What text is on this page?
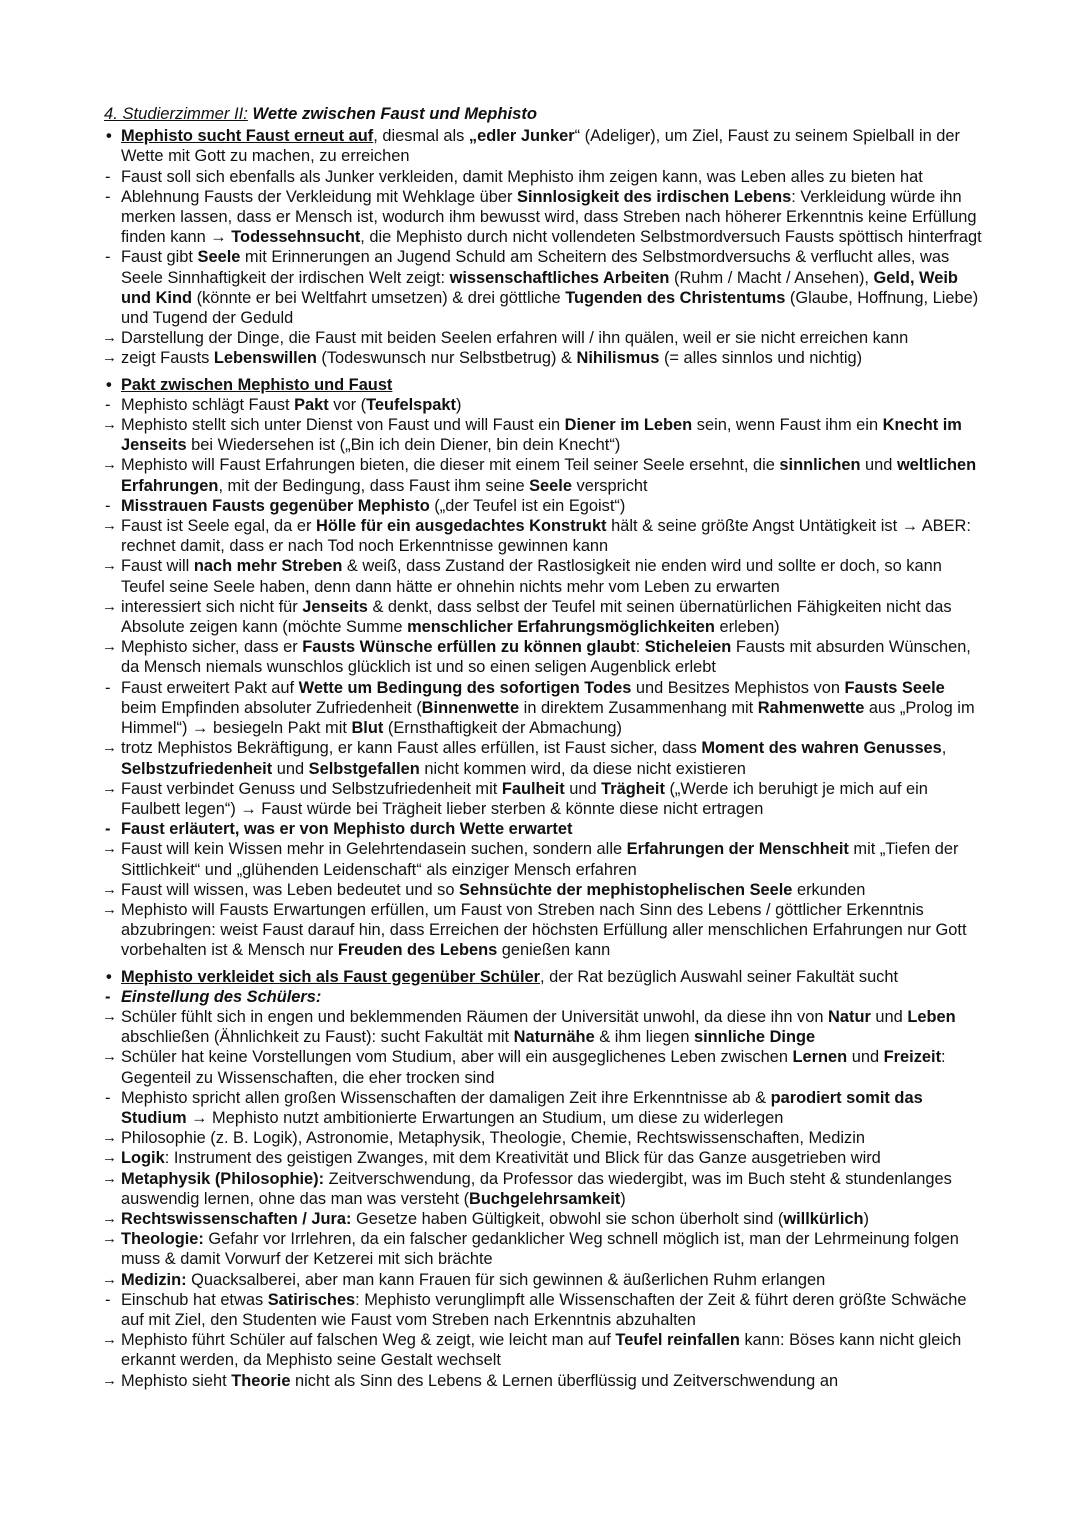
4. Studierzimmer II: Wette zwischen Faust und Mephisto
• Mephisto sucht Faust erneut auf, diesmal als „edler Junker“ (Adeliger), um Ziel, Faust zu seinem Spielball in der Wette mit Gott zu machen, zu erreichen
- Faust soll sich ebenfalls als Junker verkleiden, damit Mephisto ihm zeigen kann, was Leben alles zu bieten hat
- Ablehnung Fausts der Verkleidung mit Wehklage über Sinnlosigkeit des irdischen Lebens: Verkleidung würde ihn merken lassen, dass er Mensch ist, wodurch ihm bewusst wird, dass Streben nach höherer Erkenntnis keine Erfüllung finden kann → Todessehnsucht, die Mephisto durch nicht vollendeten Selbstmordversuch Fausts spöttisch hinterfragt
- Faust gibt Seele mit Erinnerungen an Jugend Schuld am Scheitern des Selbstmordversuchs & verflucht alles, was Seele Sinnhaftigkeit der irdischen Welt zeigt: wissenschaftliches Arbeiten (Ruhm / Macht / Ansehen), Geld, Weib und Kind (könnte er bei Weltfahrt umsetzen) & drei göttliche Tugenden des Christentums (Glaube, Hoffnung, Liebe) und Tugend der Geduld
→ Darstellung der Dinge, die Faust mit beiden Seelen erfahren will / ihn quälen, weil er sie nicht erreichen kann
→ zeigt Fausts Lebenswillen (Todeswunsch nur Selbstbetrug) & Nihilismus (= alles sinnlos und nichtig)
• Pakt zwischen Mephisto und Faust
- Mephisto schlägt Faust Pakt vor (Teufelspakt)
→ Mephisto stellt sich unter Dienst von Faust und will Faust ein Diener im Leben sein, wenn Faust ihm ein Knecht im Jenseits bei Wiedersehen ist („Bin ich dein Diener, bin dein Knecht“)
→ Mephisto will Faust Erfahrungen bieten, die dieser mit einem Teil seiner Seele ersehnt, die sinnlichen und weltlichen Erfahrungen, mit der Bedingung, dass Faust ihm seine Seele verspricht
- Misstrauen Fausts gegenüber Mephisto („der Teufel ist ein Egoist“)
→ Faust ist Seele egal, da er Hölle für ein ausgedachtes Konstrukt hält & seine größte Angst Untätigkeit ist → ABER: rechnet damit, dass er nach Tod noch Erkenntnisse gewinnen kann
→ Faust will nach mehr Streben & weiß, dass Zustand der Rastlosigkeit nie enden wird und sollte er doch, so kann Teufel seine Seele haben, denn dann hätte er ohnehin nichts mehr vom Leben zu erwarten
→ interessiert sich nicht für Jenseits & denkt, dass selbst der Teufel mit seinen übernatürlichen Fähigkeiten nicht das Absolute zeigen kann (möchte Summe menschlicher Erfahrungsmöglichkeiten erleben)
→ Mephisto sicher, dass er Fausts Wünsche erfüllen zu können glaubt: Sticheleien Fausts mit absurden Wünschen, da Mensch niemals wunschlos glücklich ist und so einen seligen Augenblick erlebt
- Faust erweitert Pakt auf Wette um Bedingung des sofortigen Todes und Besitzes Mephistos von Fausts Seele beim Empfinden absoluter Zufriedenheit (Binnenwette in direktem Zusammenhang mit Rahmenwette aus „Prolog im Himmel“) → besiegeln Pakt mit Blut (Ernsthaftigkeit der Abmachung)
→ trotz Mephistos Bekräftigung, er kann Faust alles erfüllen, ist Faust sicher, dass Moment des wahren Genusses, Selbstzufriedenheit und Selbstgefallen nicht kommen wird, da diese nicht existieren
→ Faust verbindet Genuss und Selbstzufriedenheit mit Faulheit und Trägheit („Werde ich beruhigt je mich auf ein Faulbett legen“) → Faust würde bei Trägheit lieber sterben & könnte diese nicht ertragen
- Faust erläutert, was er von Mephisto durch Wette erwartet
→ Faust will kein Wissen mehr in Gelehrtendasein suchen, sondern alle Erfahrungen der Menschheit mit „Tiefen der Sittlichkeit“ und „glühenden Leidenschaft“ als einziger Mensch erfahren
→ Faust will wissen, was Leben bedeutet und so Sehnsüchte der mephistophelischen Seele erkunden
→ Mephisto will Fausts Erwartungen erfüllen, um Faust von Streben nach Sinn des Lebens / göttlicher Erkenntnis abzubringen: weist Faust darauf hin, dass Erreichen der höchsten Erfüllung aller menschlichen Erfahrungen nur Gott vorbehalten ist & Mensch nur Freuden des Lebens genießen kann
• Mephisto verkleidet sich als Faust gegenüber Schüler, der Rat bezüglich Auswahl seiner Fakultät sucht
- Einstellung des Schülers:
→ Schüler fühlt sich in engen und beklemmenden Räumen der Universität unwohl, da diese ihn von Natur und Leben abschließen (Ähnlichkeit zu Faust): sucht Fakultät mit Naturnähe & ihm liegen sinnliche Dinge
→ Schüler hat keine Vorstellungen vom Studium, aber will ein ausgeglichenes Leben zwischen Lernen und Freizeit: Gegenteil zu Wissenschaften, die eher trocken sind
- Mephisto spricht allen großen Wissenschaften der damaligen Zeit ihre Erkenntnisse ab & parodiert somit das Studium → Mephisto nutzt ambitionierte Erwartungen an Studium, um diese zu widerlegen
→ Philosophie (z. B. Logik), Astronomie, Metaphysik, Theologie, Chemie, Rechtswissenschaften, Medizin
→ Logik: Instrument des geistigen Zwanges, mit dem Kreativität und Blick für das Ganze ausgetrieben wird
→ Metaphysik (Philosophie): Zeitverschwendung, da Professor das wiedergibt, was im Buch steht & stundenlanges auswendig lernen, ohne das man was versteht (Buchgelehrsamkeit)
→ Rechtswissenschaften / Jura: Gesetze haben Gültigkeit, obwohl sie schon überholt sind (willkürlich)
→ Theologie: Gefahr vor Irrlehren, da ein falscher gedanklicher Weg schnell möglich ist, man der Lehrmeinung folgen muss & damit Vorwurf der Ketzerei mit sich brächte
→ Medizin: Quacksalberei, aber man kann Frauen für sich gewinnen & äußerlichen Ruhm erlangen
- Einschub hat etwas Satirisches: Mephisto verunglimpft alle Wissenschaften der Zeit & führt deren größte Schwäche auf mit Ziel, den Studenten wie Faust vom Streben nach Erkenntnis abzuhalten
→ Mephisto führt Schüler auf falschen Weg & zeigt, wie leicht man auf Teufel reinfallen kann: Böses kann nicht gleich erkannt werden, da Mephisto seine Gestalt wechselt
→ Mephisto sieht Theorie nicht als Sinn des Lebens & Lernen überflüssig und Zeitverschwendung an
